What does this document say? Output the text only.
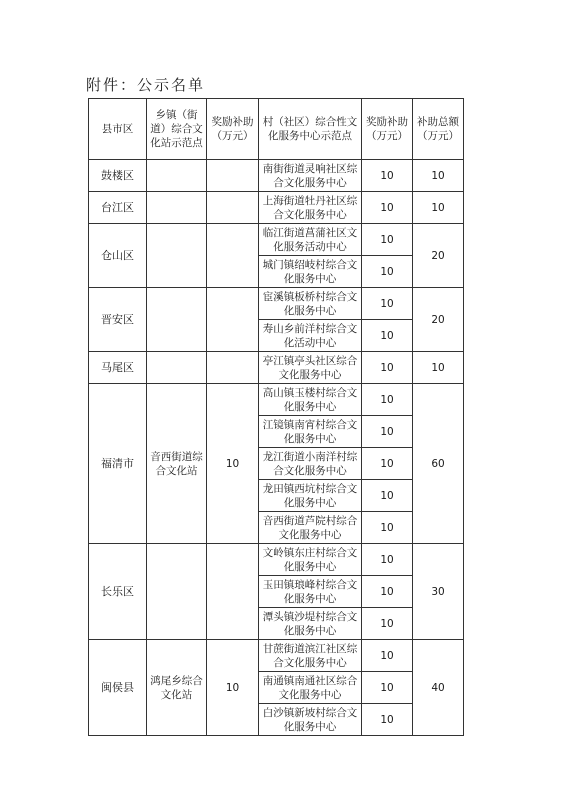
附件：公示名单
县市区	乡镇（街道）综合文化站示范点	奖励补助（万元）	村（社区）综合性文化服务中心示范点	奖励补助（万元）	补助总额（万元）
鼓楼区			南街街道灵响社区综合文化服务中心	10	10
台江区			上海街道牡丹社区综合文化服务中心	10	10
仓山区			临江街道菖蒲社区文化服务活动中心	10	20
			城门镇绍岐村综合文化服务中心	10	
晋安区			宦溪镇板桥村综合文化服务中心	10	20
			寿山乡前洋村综合文化活动中心	10	
马尾区			亭江镇亭头社区综合文化服务中心	10	10
福清市	音西街道综合文化站	10	高山镇玉楼村综合文化服务中心	10	60
			江镜镇南宵村综合文化服务中心	10	
			龙江街道小南洋村综合文化服务中心	10	
			龙田镇西坑村综合文化服务中心	10	
			音西街道芦院村综合文化服务中心	10	
长乐区			文岭镇东庄村综合文化服务中心	10	30
			玉田镇琅峰村综合文化服务中心	10	
			潭头镇沙堤村综合文化服务中心	10	
闽侯县	鸿尾乡综合文化站	10	甘蔗街道滨江社区综合文化服务中心	10	40
			南通镇南通社区综合文化服务中心	10	
			白沙镇新坡村综合文化服务中心	10	
